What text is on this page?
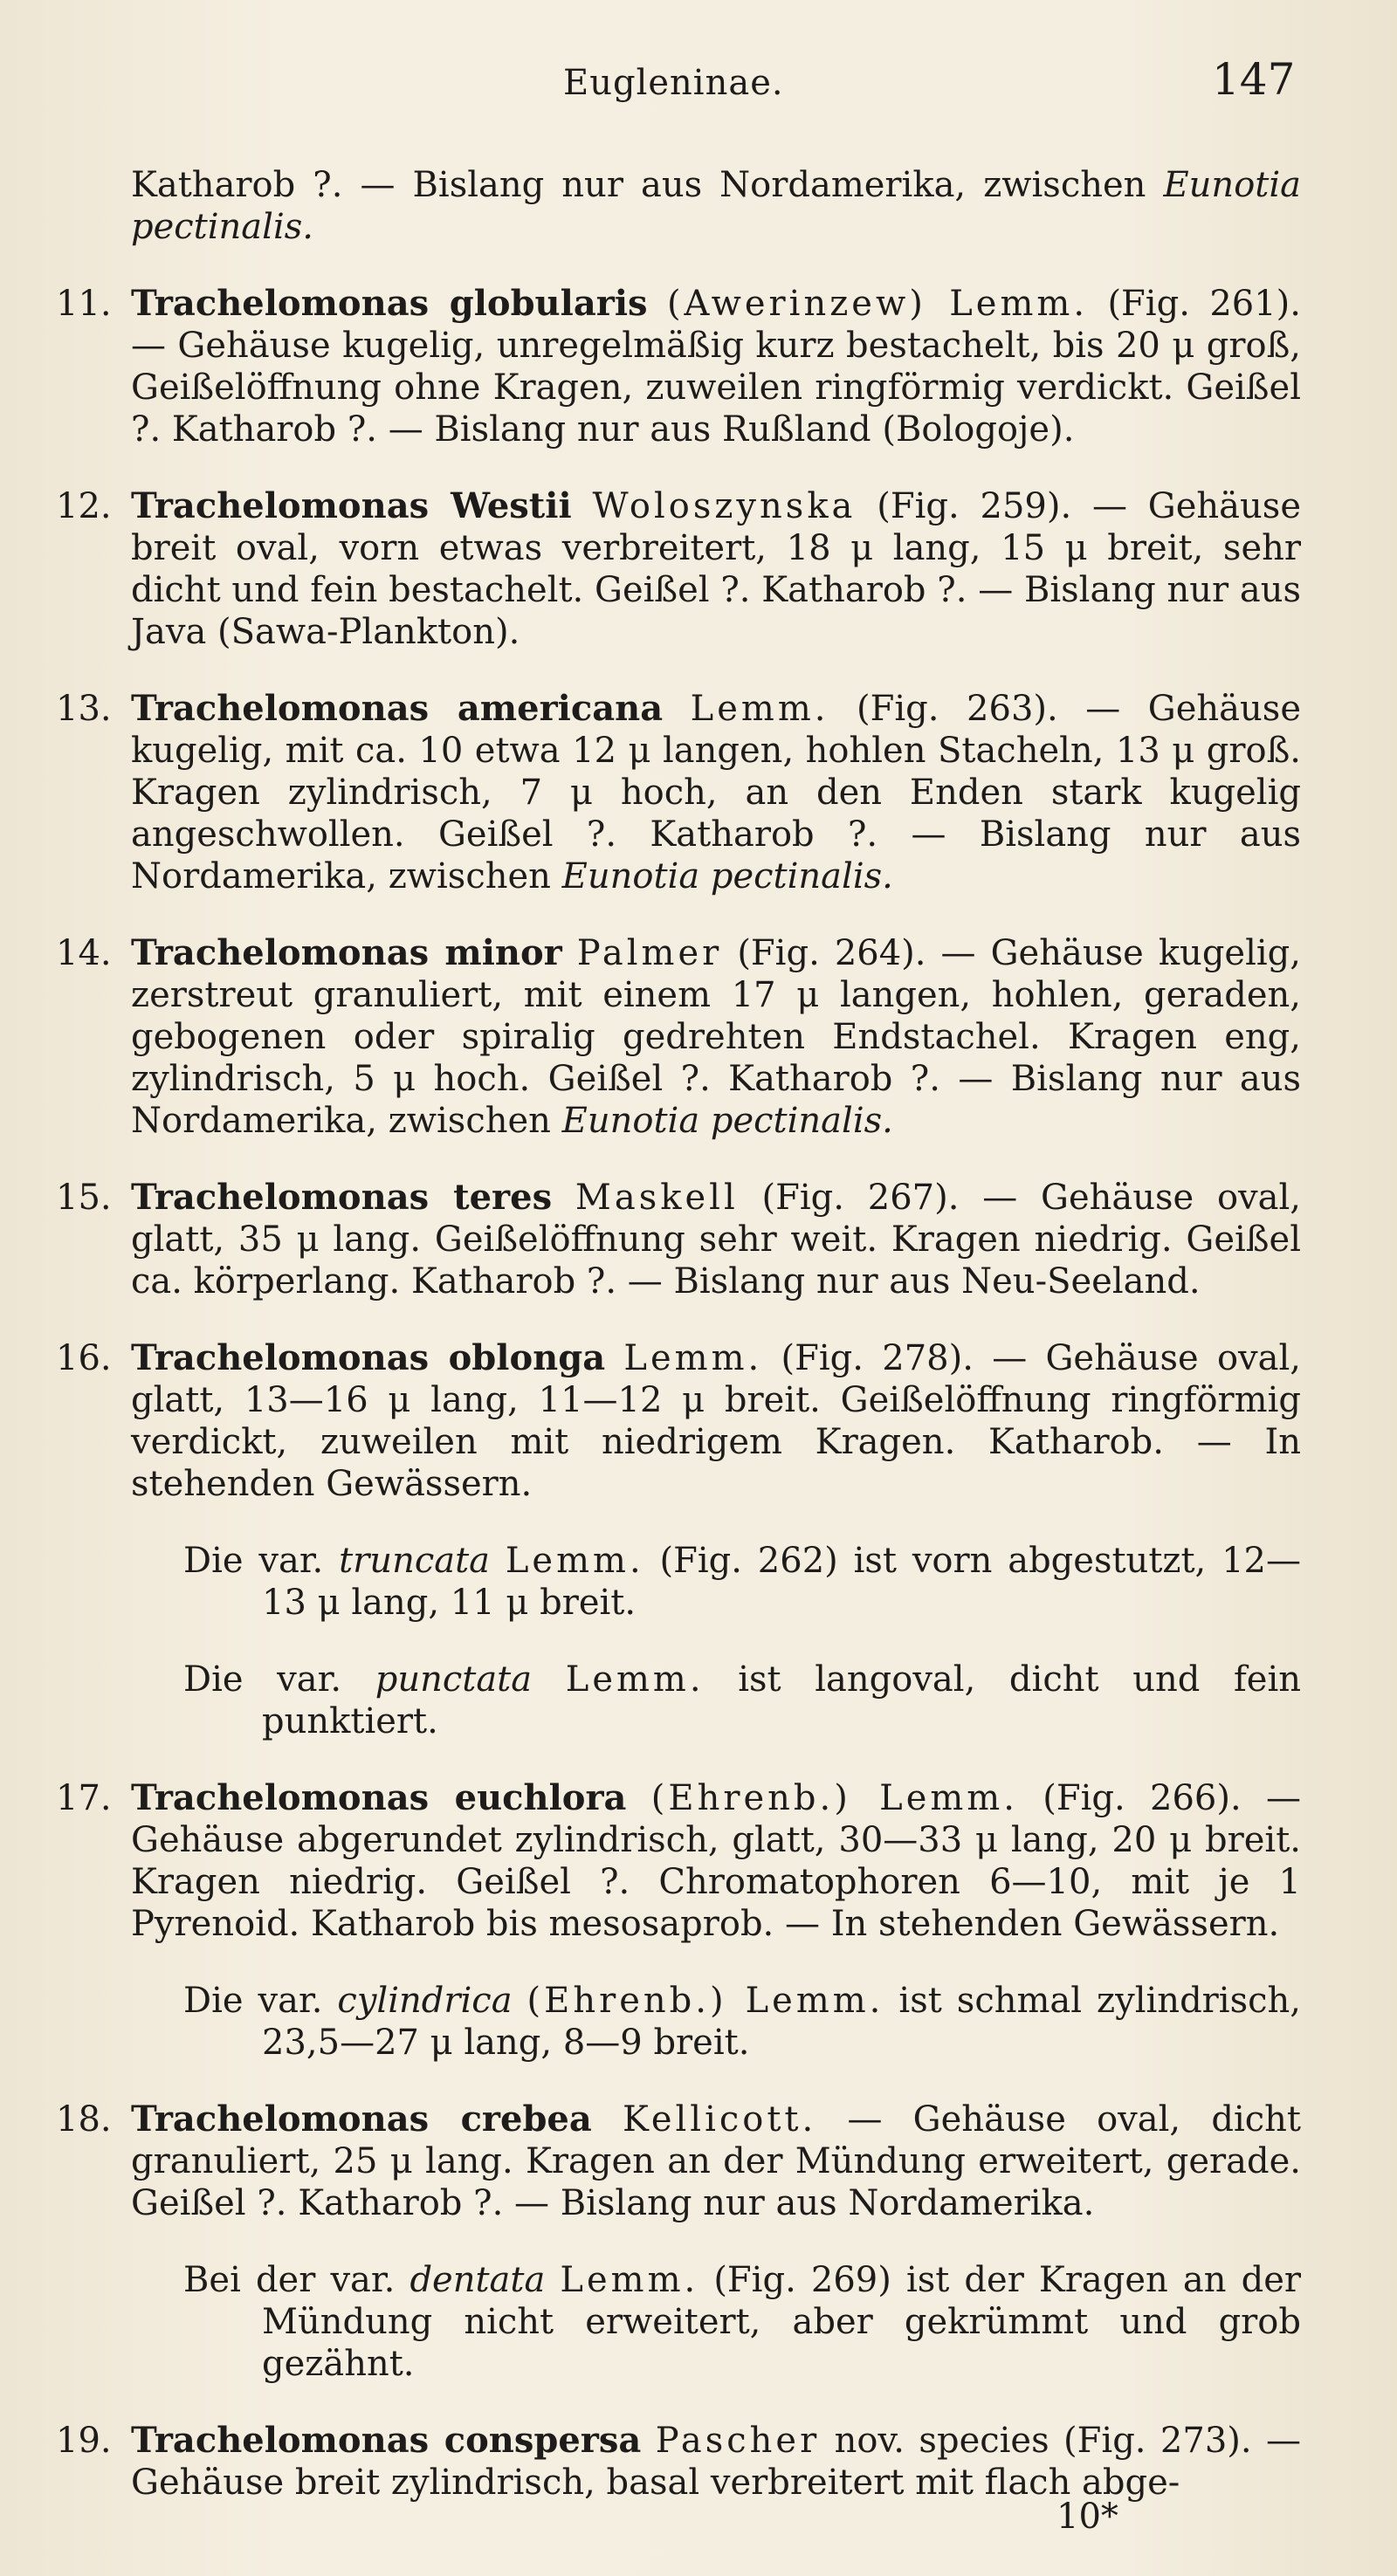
Eugleninae.	147

Katharob ?. — Bislang nur aus Nordamerika, zwischen Eunotia pectinalis.

11. Trachelomonas globularis (Awerinzew) Lemm. (Fig. 261). — Gehäuse kugelig, unregelmäßig kurz bestachelt, bis 20 μ groß, Geißelöffnung ohne Kragen, zuweilen ringförmig verdickt. Geißel ?. Katharob ?. — Bislang nur aus Rußland (Bologoje).

12. Trachelomonas Westii Woloszynska (Fig. 259). — Gehäuse breit oval, vorn etwas verbreitert, 18 μ lang, 15 μ breit, sehr dicht und fein bestachelt. Geißel ?. Katharob ?. — Bislang nur aus Java (Sawa-Plankton).

13. Trachelomonas americana Lemm. (Fig. 263). — Gehäuse kugelig, mit ca. 10 etwa 12 μ langen, hohlen Stacheln, 13 μ groß. Kragen zylindrisch, 7 μ hoch, an den Enden stark kugelig angeschwollen. Geißel ?. Katharob ?. — Bislang nur aus Nordamerika, zwischen Eunotia pectinalis.

14. Trachelomonas minor Palmer (Fig. 264). — Gehäuse kugelig, zerstreut granuliert, mit einem 17 μ langen, hohlen, geraden, gebogenen oder spiralig gedrehten Endstachel. Kragen eng, zylindrisch, 5 μ hoch. Geißel ?. Katharob ?. — Bislang nur aus Nordamerika, zwischen Eunotia pectinalis.

15. Trachelomonas teres Maskell (Fig. 267). — Gehäuse oval, glatt, 35 μ lang. Geißelöffnung sehr weit. Kragen niedrig. Geißel ca. körperlang. Katharob ?. — Bislang nur aus Neu-Seeland.

16. Trachelomonas oblonga Lemm. (Fig. 278). — Gehäuse oval, glatt, 13—16 μ lang, 11—12 μ breit. Geißelöffnung ringförmig verdickt, zuweilen mit niedrigem Kragen. Katharob. — In stehenden Gewässern.

Die var. truncata Lemm. (Fig. 262) ist vorn abgestutzt, 12—13 μ lang, 11 μ breit.

Die var. punctata Lemm. ist langoval, dicht und fein punktiert.

17. Trachelomonas euchlora (Ehrenb.) Lemm. (Fig. 266). — Gehäuse abgerundet zylindrisch, glatt, 30—33 μ lang, 20 μ breit. Kragen niedrig. Geißel ?. Chromatophoren 6—10, mit je 1 Pyrenoid. Katharob bis mesosaprob. — In stehenden Gewässern.

Die var. cylindrica (Ehrenb.) Lemm. ist schmal zylindrisch, 23,5—27 μ lang, 8—9 breit.

18. Trachelomonas crebea Kellicott. — Gehäuse oval, dicht granuliert, 25 μ lang. Kragen an der Mündung erweitert, gerade. Geißel ?. Katharob ?. — Bislang nur aus Nordamerika.

Bei der var. dentata Lemm. (Fig. 269) ist der Kragen an der Mündung nicht erweitert, aber gekrümmt und grob gezähnt.

19. Trachelomonas conspersa Pascher nov. species (Fig. 273). — Gehäuse breit zylindrisch, basal verbreitert mit flach abge-

10*
